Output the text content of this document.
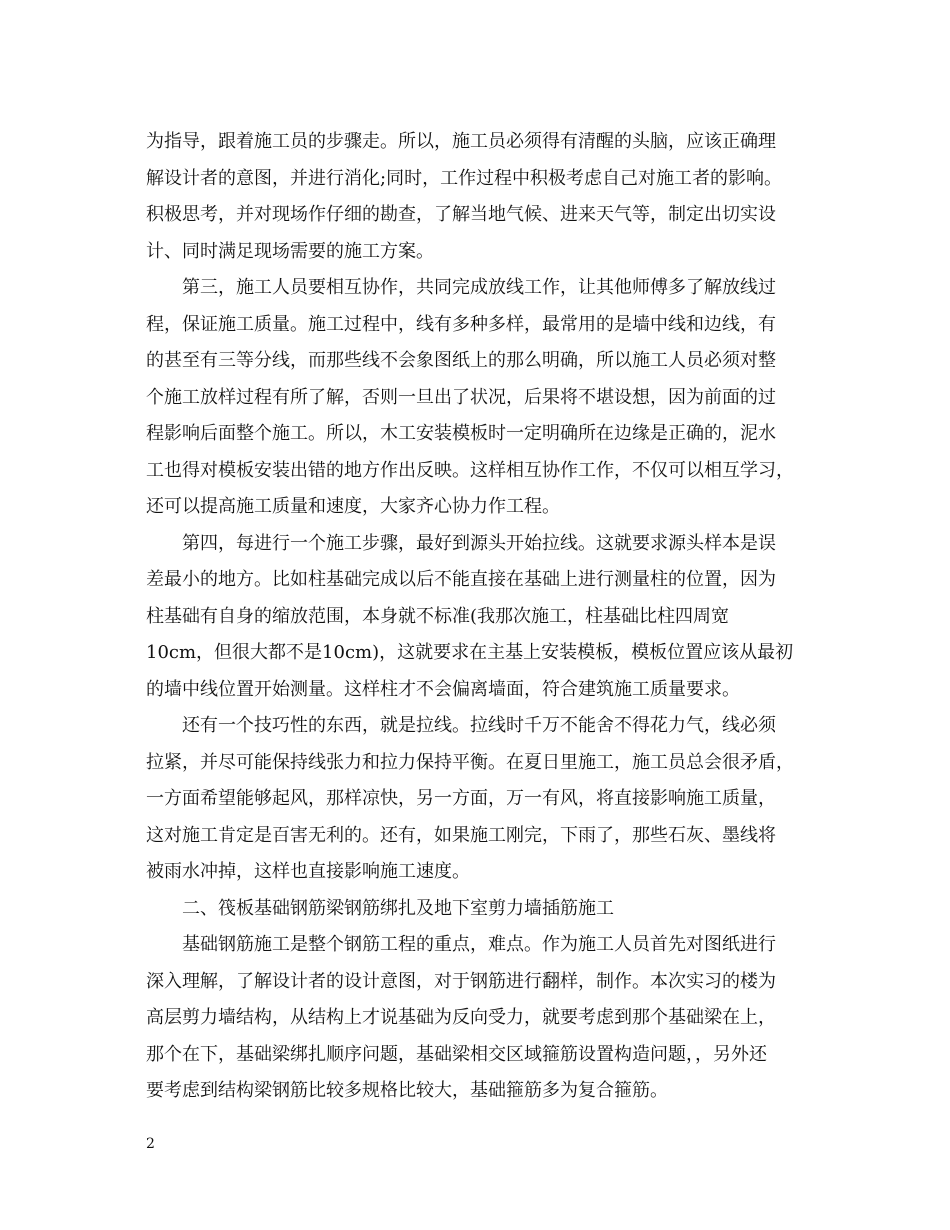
为指导，跟着施工员的步骤走。所以，施工员必须得有清醒的头脑，应该正确理
解设计者的意图，并进行消化;同时，工作过程中积极考虑自己对施工者的影响。
积极思考，并对现场作仔细的勘查，了解当地气候、进来天气等，制定出切实设
计、同时满足现场需要的施工方案。
第三，施工人员要相互协作，共同完成放线工作，让其他师傅多了解放线过
程，保证施工质量。施工过程中，线有多种多样，最常用的是墙中线和边线，有
的甚至有三等分线，而那些线不会象图纸上的那么明确，所以施工人员必须对整
个施工放样过程有所了解，否则一旦出了状况，后果将不堪设想，因为前面的过
程影响后面整个施工。所以，木工安装模板时一定明确所在边缘是正确的，泥水
工也得对模板安装出错的地方作出反映。这样相互协作工作，不仅可以相互学习，
还可以提高施工质量和速度，大家齐心协力作工程。
第四，每进行一个施工步骤，最好到源头开始拉线。这就要求源头样本是误
差最小的地方。比如柱基础完成以后不能直接在基础上进行测量柱的位置，因为
柱基础有自身的缩放范围，本身就不标准(我那次施工，柱基础比柱四周宽
10cm，但很大都不是10cm)，这就要求在主基上安装模板，模板位置应该从最初
的墙中线位置开始测量。这样柱才不会偏离墙面，符合建筑施工质量要求。
还有一个技巧性的东西，就是拉线。拉线时千万不能舍不得花力气，线必须
拉紧，并尽可能保持线张力和拉力保持平衡。在夏日里施工，施工员总会很矛盾，
一方面希望能够起风，那样凉快，另一方面，万一有风，将直接影响施工质量，
这对施工肯定是百害无利的。还有，如果施工刚完，下雨了，那些石灰、墨线将
被雨水冲掉，这样也直接影响施工速度。
二、筏板基础钢筋梁钢筋绑扎及地下室剪力墙插筋施工
基础钢筋施工是整个钢筋工程的重点，难点。作为施工人员首先对图纸进行
深入理解，了解设计者的设计意图，对于钢筋进行翻样，制作。本次实习的楼为
高层剪力墙结构，从结构上才说基础为反向受力，就要考虑到那个基础梁在上，
那个在下，基础梁绑扎顺序问题，基础梁相交区域箍筋设置构造问题，，另外还
要考虑到结构梁钢筋比较多规格比较大，基础箍筋多为复合箍筋。
2
